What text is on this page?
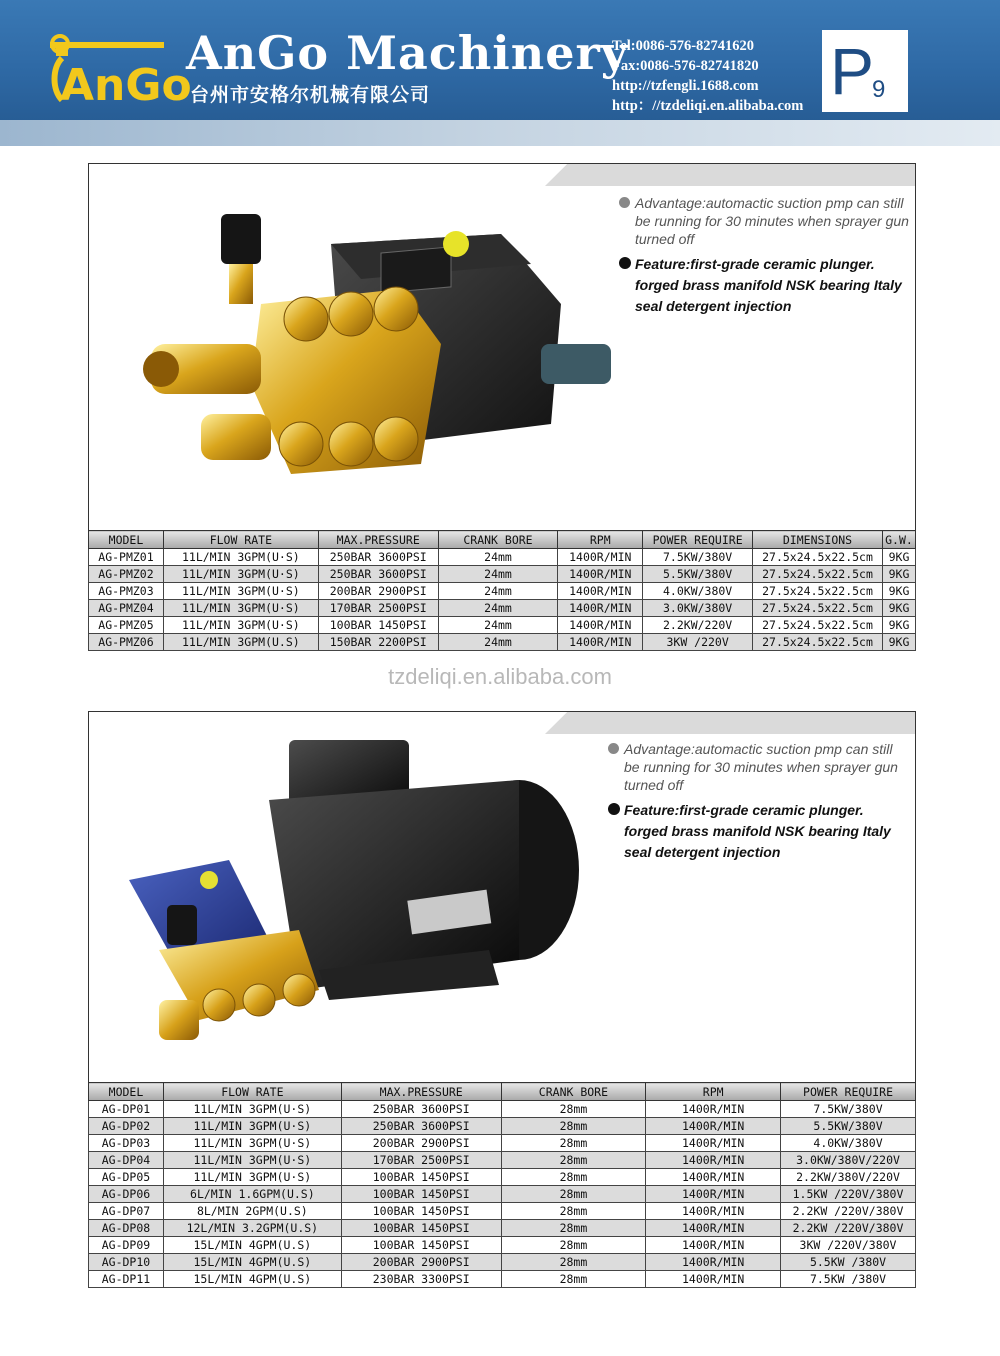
AnGo
AnGo Machinery
台州市安格尔机械有限公司
Tel:0086-576-82741620
Fax:0086-576-82741820
http://tzfengli.1688.com
http：//tzdeliqi.en.alibaba.com P
9
Advantage:automactic suction pmp can still be running for 30 minutes when sprayer gun turned off
Feature:first-grade ceramic plunger. forged brass manifold NSK bearing Italy seal detergent injection
MODEL	FLOW RATE	MAX.PRESSURE	CRANK BORE	RPM	POWER REQUIRE	DIMENSIONS	G.W.
AG-PMZ01	11L/MIN 3GPM(U·S)	250BAR 3600PSI	24mm	1400R/MIN	7.5KW/380V	27.5x24.5x22.5cm	9KG
AG-PMZ02	11L/MIN 3GPM(U·S)	250BAR 3600PSI	24mm	1400R/MIN	5.5KW/380V	27.5x24.5x22.5cm	9KG
AG-PMZ03	11L/MIN 3GPM(U·S)	200BAR 2900PSI	24mm	1400R/MIN	4.0KW/380V	27.5x24.5x22.5cm	9KG
AG-PMZ04	11L/MIN 3GPM(U·S)	170BAR 2500PSI	24mm	1400R/MIN	3.0KW/380V	27.5x24.5x22.5cm	9KG
AG-PMZ05	11L/MIN 3GPM(U·S)	100BAR 1450PSI	24mm	1400R/MIN	2.2KW/220V	27.5x24.5x22.5cm	9KG
AG-PMZ06	11L/MIN 3GPM(U.S)	150BAR 2200PSI	24mm	1400R/MIN	3KW /220V	27.5x24.5x22.5cm	9KG
tzdeliqi.en.alibaba.com
Advantage:automactic suction pmp can still be running for 30 minutes when sprayer gun turned off
Feature:first-grade ceramic plunger. forged brass manifold NSK bearing Italy seal detergent injection
MODEL	FLOW RATE	MAX.PRESSURE	CRANK BORE	RPM	POWER REQUIRE
AG-DP01	11L/MIN 3GPM(U·S)	250BAR 3600PSI	28mm	1400R/MIN	7.5KW/380V
AG-DP02	11L/MIN 3GPM(U·S)	250BAR 3600PSI	28mm	1400R/MIN	5.5KW/380V
AG-DP03	11L/MIN 3GPM(U·S)	200BAR 2900PSI	28mm	1400R/MIN	4.0KW/380V
AG-DP04	11L/MIN 3GPM(U·S)	170BAR 2500PSI	28mm	1400R/MIN	3.0KW/380V/220V
AG-DP05	11L/MIN 3GPM(U·S)	100BAR 1450PSI	28mm	1400R/MIN	2.2KW/380V/220V
AG-DP06	6L/MIN 1.6GPM(U.S)	100BAR 1450PSI	28mm	1400R/MIN	1.5KW /220V/380V
AG-DP07	8L/MIN 2GPM(U.S)	100BAR 1450PSI	28mm	1400R/MIN	2.2KW /220V/380V
AG-DP08	12L/MIN 3.2GPM(U.S)	100BAR 1450PSI	28mm	1400R/MIN	2.2KW /220V/380V
AG-DP09	15L/MIN 4GPM(U.S)	100BAR 1450PSI	28mm	1400R/MIN	3KW /220V/380V
AG-DP10	15L/MIN 4GPM(U.S)	200BAR 2900PSI	28mm	1400R/MIN	5.5KW /380V
AG-DP11	15L/MIN 4GPM(U.S)	230BAR 3300PSI	28mm	1400R/MIN	7.5KW /380V
